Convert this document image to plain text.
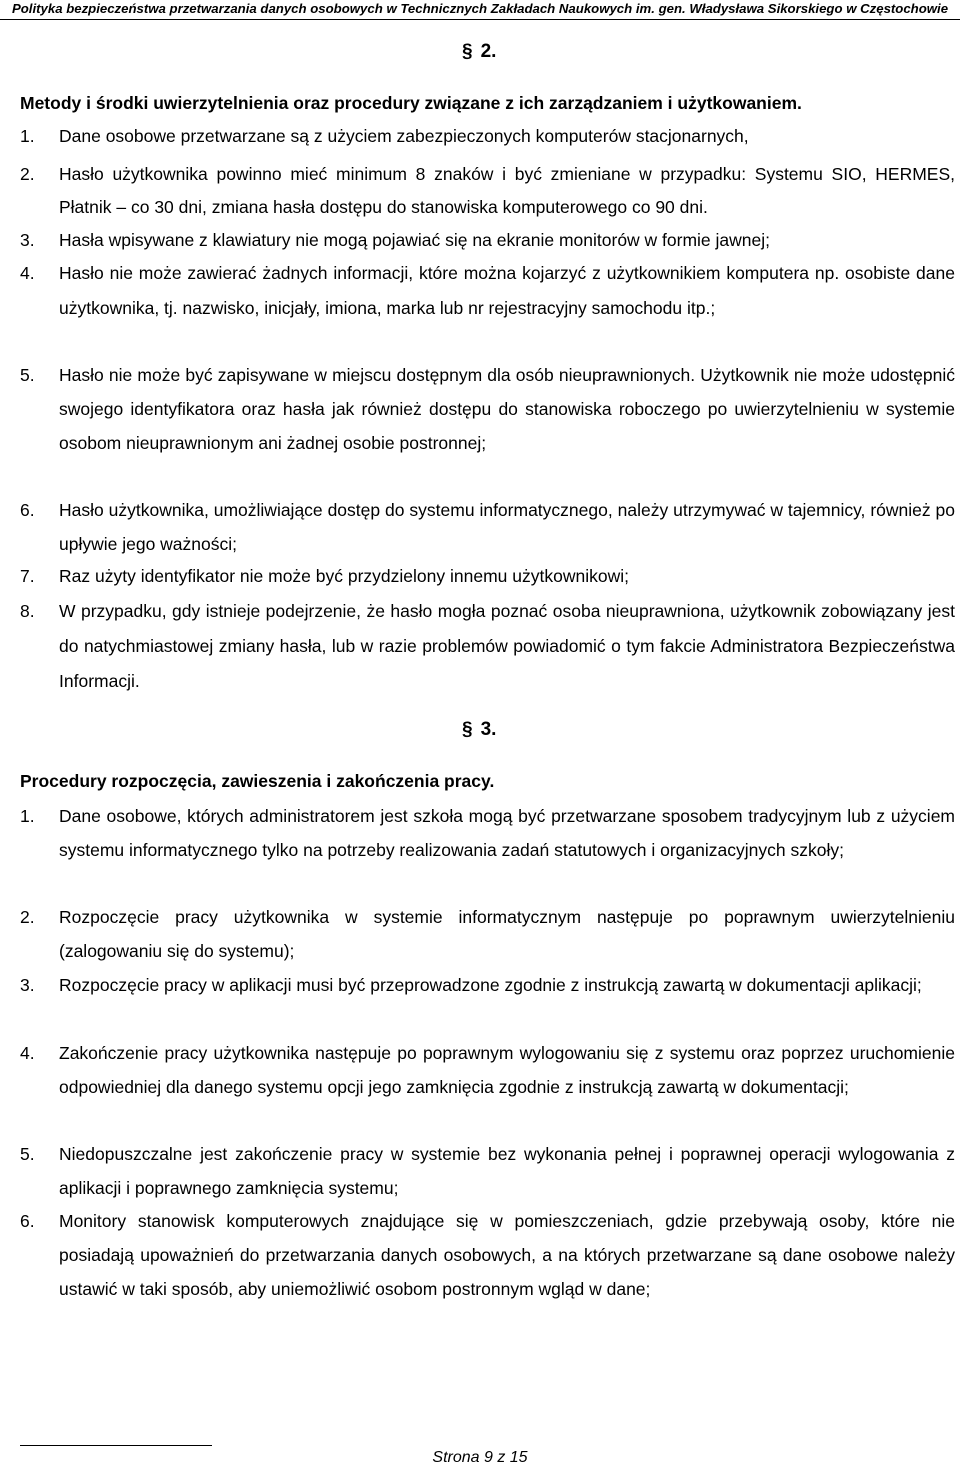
Polityka bezpieczeństwa przetwarzania danych osobowych w Technicznych Zakładach Naukowych im. gen. Władysława Sikorskiego w Częstochowie
§ 2.
Metody i środki uwierzytelnienia oraz procedury związane z ich zarządzaniem i użytkowaniem.
1.	Dane osobowe przetwarzane są z użyciem zabezpieczonych komputerów stacjonarnych,
2.	Hasło użytkownika powinno mieć minimum 8 znaków i być zmieniane w przypadku: Systemu SIO, HERMES, Płatnik – co 30 dni, zmiana hasła dostępu do stanowiska komputerowego co 90 dni.
3.	Hasła wpisywane z klawiatury nie mogą pojawiać się na ekranie monitorów w formie jawnej;
4.	Hasło nie może zawierać żadnych informacji, które można kojarzyć z użytkownikiem komputera np. osobiste dane użytkownika, tj. nazwisko, inicjały, imiona, marka lub nr rejestracyjny samochodu itp.;
5.	Hasło nie może być zapisywane w miejscu dostępnym dla osób nieuprawnionych. Użytkownik nie może udostępnić swojego identyfikatora oraz hasła jak również dostępu do stanowiska roboczego po uwierzytelnieniu w systemie osobom nieuprawnionym ani żadnej osobie postronnej;
6.	Hasło użytkownika, umożliwiające dostęp do systemu informatycznego, należy utrzymywać w tajemnicy, również po upływie jego ważności;
7.	Raz użyty identyfikator nie może być przydzielony innemu użytkownikowi;
8.	W przypadku, gdy istnieje podejrzenie, że hasło mogła poznać osoba nieuprawniona, użytkownik zobowiązany jest do natychmiastowej zmiany hasła, lub w razie problemów powiadomić o tym fakcie Administratora Bezpieczeństwa Informacji.
§ 3.
Procedury rozpoczęcia, zawieszenia i zakończenia pracy.
1.	Dane osobowe, których administratorem jest szkoła mogą być przetwarzane sposobem tradycyjnym lub z użyciem systemu informatycznego tylko na potrzeby realizowania zadań statutowych i organizacyjnych szkoły;
2.	Rozpoczęcie pracy użytkownika w systemie informatycznym następuje po poprawnym uwierzytelnieniu (zalogowaniu się do systemu);
3.	Rozpoczęcie pracy w aplikacji musi być przeprowadzone zgodnie z instrukcją zawartą w dokumentacji aplikacji;
4.	Zakończenie pracy użytkownika następuje po poprawnym wylogowaniu się z systemu oraz poprzez uruchomienie odpowiedniej dla danego systemu opcji jego zamknięcia zgodnie z instrukcją zawartą w dokumentacji;
5.	Niedopuszczalne jest zakończenie pracy w systemie bez wykonania pełnej i poprawnej operacji wylogowania z aplikacji i poprawnego zamknięcia systemu;
6.	Monitory stanowisk komputerowych znajdujące się w pomieszczeniach, gdzie przebywają osoby, które nie posiadają upoważnień do przetwarzania danych osobowych, a na których przetwarzane są dane osobowe należy ustawić w taki sposób, aby uniemożliwić osobom postronnym wgląd w dane;
Strona 9 z 15
